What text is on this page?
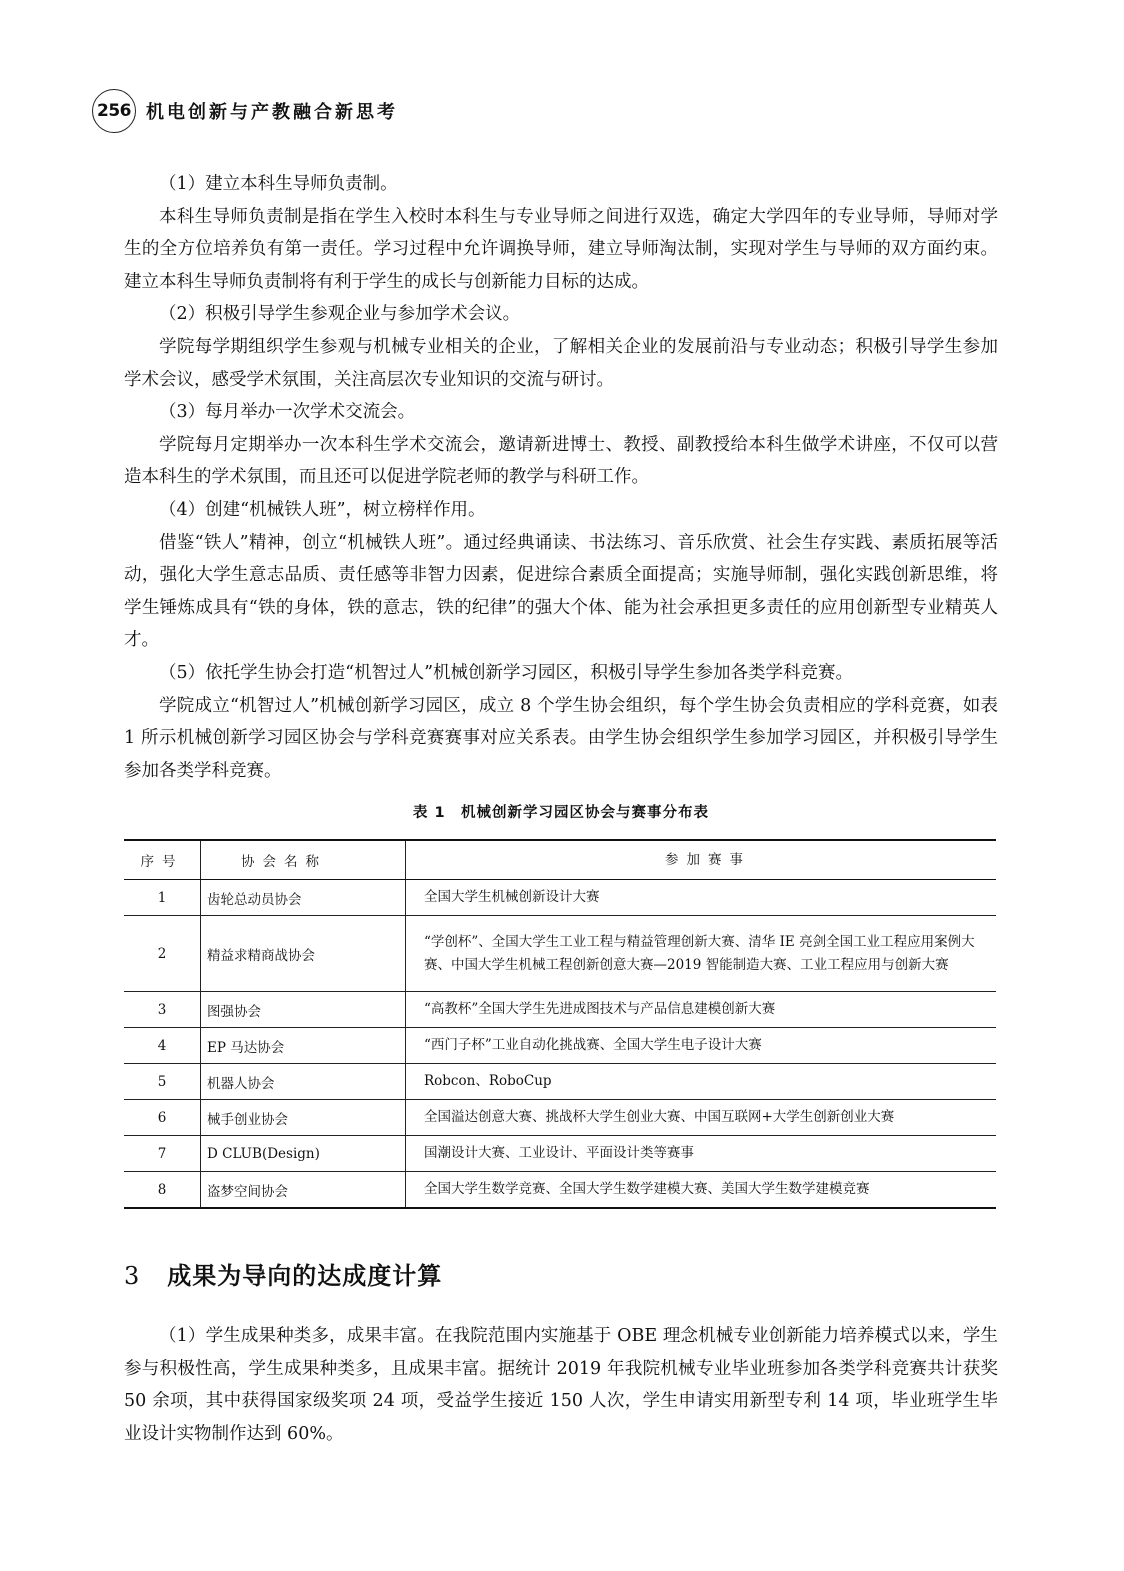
256 机电创新与产教融合新思考

（1）建立本科生导师负责制。

本科生导师负责制是指在学生入校时本科生与专业导师之间进行双选，确定大学四年的专业导师，导师对学生的全方位培养负有第一责任。学习过程中允许调换导师，建立导师淘汰制，实现对学生与导师的双方面约束。建立本科生导师负责制将有利于学生的成长与创新能力目标的达成。

（2）积极引导学生参观企业与参加学术会议。

学院每学期组织学生参观与机械专业相关的企业，了解相关企业的发展前沿与专业动态；积极引导学生参加学术会议，感受学术氛围，关注高层次专业知识的交流与研讨。

（3）每月举办一次学术交流会。

学院每月定期举办一次本科生学术交流会，邀请新进博士、教授、副教授给本科生做学术讲座，不仅可以营造本科生的学术氛围，而且还可以促进学院老师的教学与科研工作。

（4）创建“机械铁人班”，树立榜样作用。

借鉴“铁人”精神，创立“机械铁人班”。通过经典诵读、书法练习、音乐欣赏、社会生存实践、素质拓展等活动，强化大学生意志品质、责任感等非智力因素，促进综合素质全面提高；实施导师制，强化实践创新思维，将学生锤炼成具有“铁的身体，铁的意志，铁的纪律”的强大个体、能为社会承担更多责任的应用创新型专业精英人才。

（5）依托学生协会打造“机智过人”机械创新学习园区，积极引导学生参加各类学科竞赛。

学院成立“机智过人”机械创新学习园区，成立 8 个学生协会组织，每个学生协会负责相应的学科竞赛，如表 1 所示机械创新学习园区协会与学科竞赛赛事对应关系表。由学生协会组织学生参加学习园区，并积极引导学生参加各类学科竞赛。

表 1　机械创新学习园区协会与赛事分布表
序号	协会名称	参加赛事
1	齿轮总动员协会	全国大学生机械创新设计大赛
2	精益求精商战协会	“学创杯”、全国大学生工业工程与精益管理创新大赛、清华 IE 亮剑全国工业工程应用案例大赛、中国大学生机械工程创新创意大赛—2019 智能制造大赛、工业工程应用与创新大赛
3	图强协会	“高教杯”全国大学生先进成图技术与产品信息建模创新大赛
4	EP 马达协会	“西门子杯”工业自动化挑战赛、全国大学生电子设计大赛
5	机器人协会	Robcon、RoboCup
6	械手创业协会	全国溢达创意大赛、挑战杯大学生创业大赛、中国互联网+大学生创新创业大赛
7	D CLUB(Design)	国潮设计大赛、工业设计、平面设计类等赛事
8	盗梦空间协会	全国大学生数学竞赛、全国大学生数学建模大赛、美国大学生数学建模竞赛
3 成果为导向的达成度计算

（1）学生成果种类多，成果丰富。在我院范围内实施基于 OBE 理念机械专业创新能力培养模式以来，学生参与积极性高，学生成果种类多，且成果丰富。据统计 2019 年我院机械专业毕业班参加各类学科竞赛共计获奖 50 余项，其中获得国家级奖项 24 项，受益学生接近 150 人次，学生申请实用新型专利 14 项，毕业班学生毕业设计实物制作达到 60%。
